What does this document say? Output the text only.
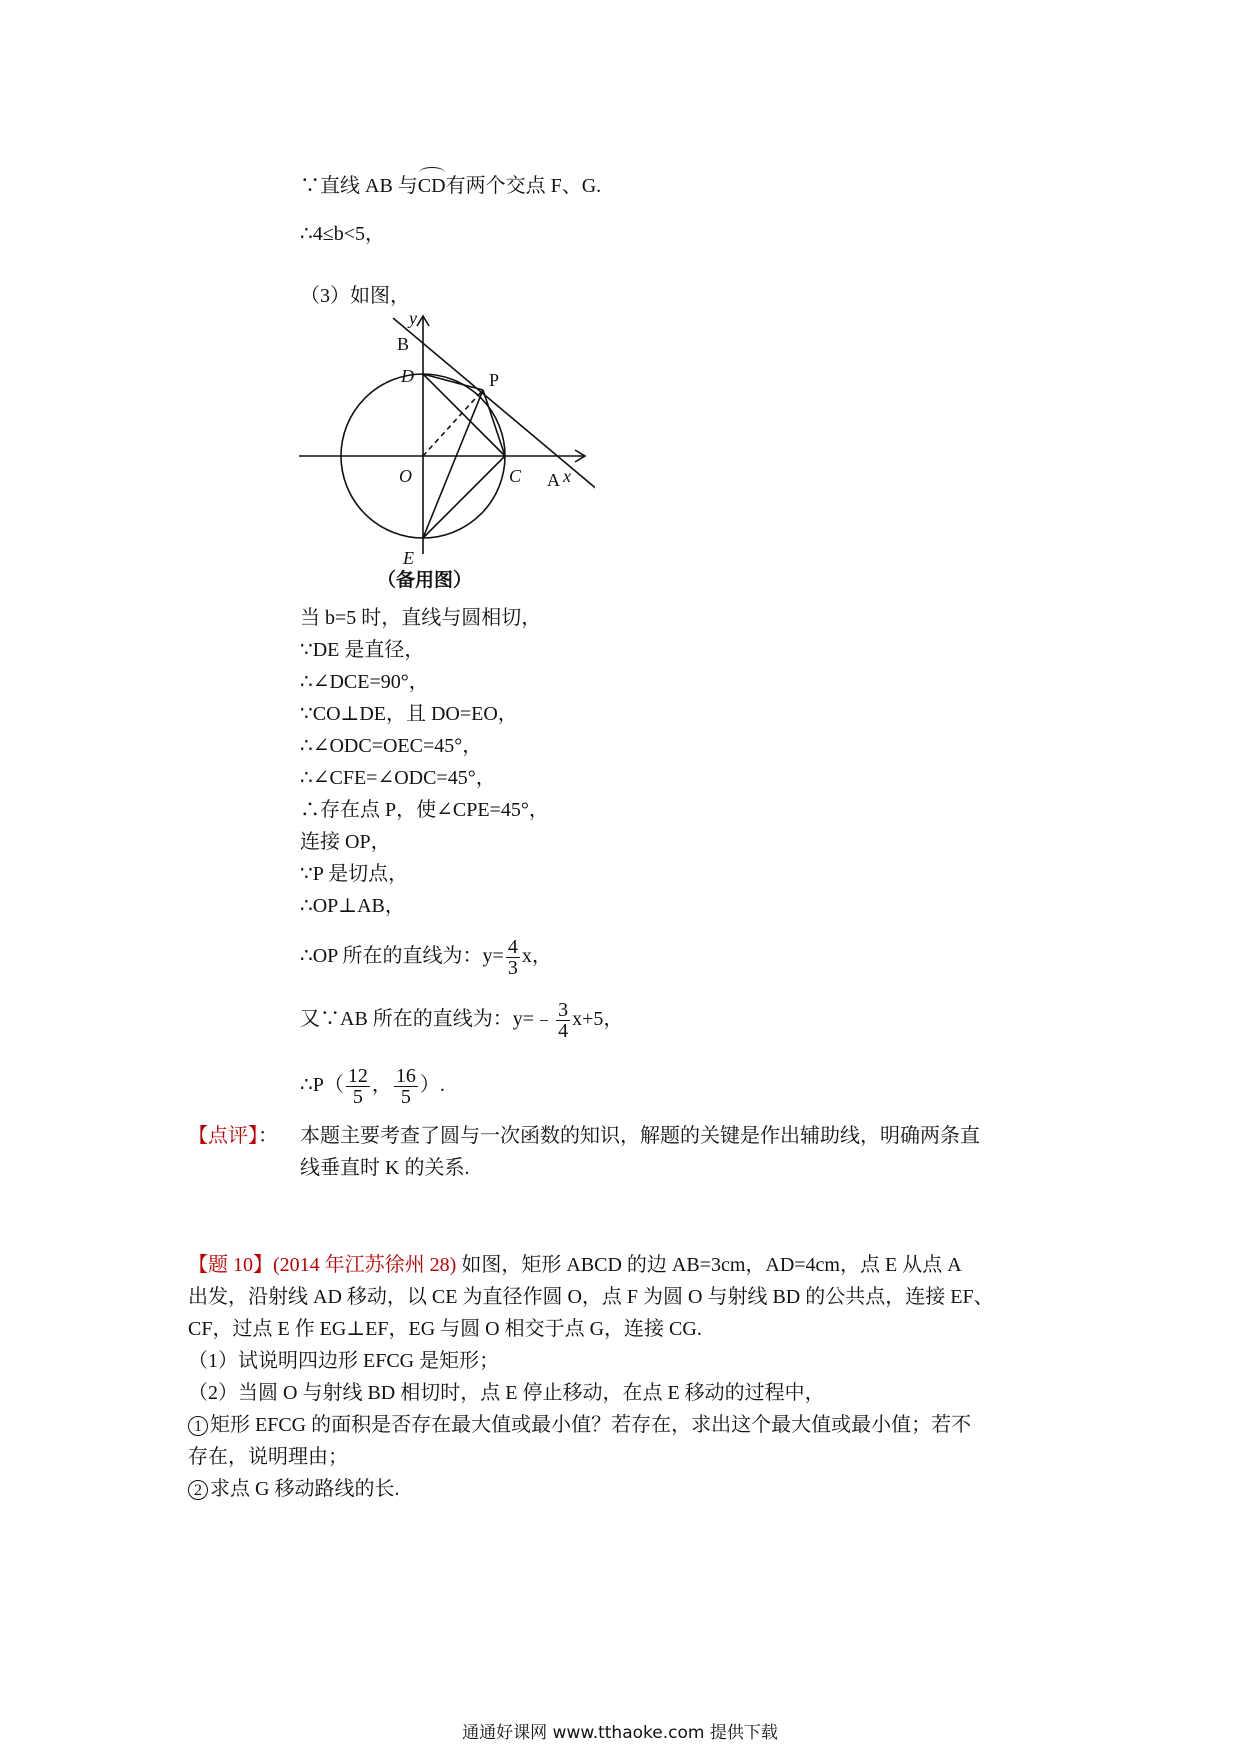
∵直线 AB 与CD有两个交点 F、G.
∴4≤b<5，
（3）如图，
y
B
P
D
O	C A x
E
（备用图）
当 b=5 时，直线与圆相切，
∵DE 是直径，
∴∠DCE=90°，
∵CO⊥DE，且 DO=EO，
∴∠ODC=OEC=45°，
∴∠CFE=∠ODC=45°，
∴存在点 P，使∠CPE=45°，
连接 OP，
∵P 是切点，
∴OP⊥AB，
∴OP 所在的直线为：$y= \frac{4}{3}$ x，
又∵AB 所在的直线为：y=﹣ $\frac{3}{4} x+5$，
∴P（ $\frac{12}{5}$ ， $\frac{16}{5}$ ）.
【点评】： 本题主要考查了圆与一次函数的知识，解题的关键是作出辅助线，明确两条直
线垂直时 K 的关系.
【题 10】(2014 年江苏徐州 28) 如图，矩形 ABCD 的边 AB=3cm，AD=4cm，点 E 从点 A
出发，沿射线 AD 移动，以 CE 为直径作圆 O，点 F 为圆 O 与射线 BD 的公共点，连接 EF、
CF，过点 E 作 EG⊥EF，EG 与圆 O 相交于点 G，连接 CG.
（1）试说明四边形 EFCG 是矩形；
（2）当圆 O 与射线 BD 相切时，点 E 停止移动，在点 E 移动的过程中，
1 矩形 EFCG 的面积是否存在最大值或最小值？若存在，求出这个最大值或最小值；若不
存在，说明理由；
2 求点 G 移动路线的长.
通通好课网 www.tthaoke.com 提供下载
